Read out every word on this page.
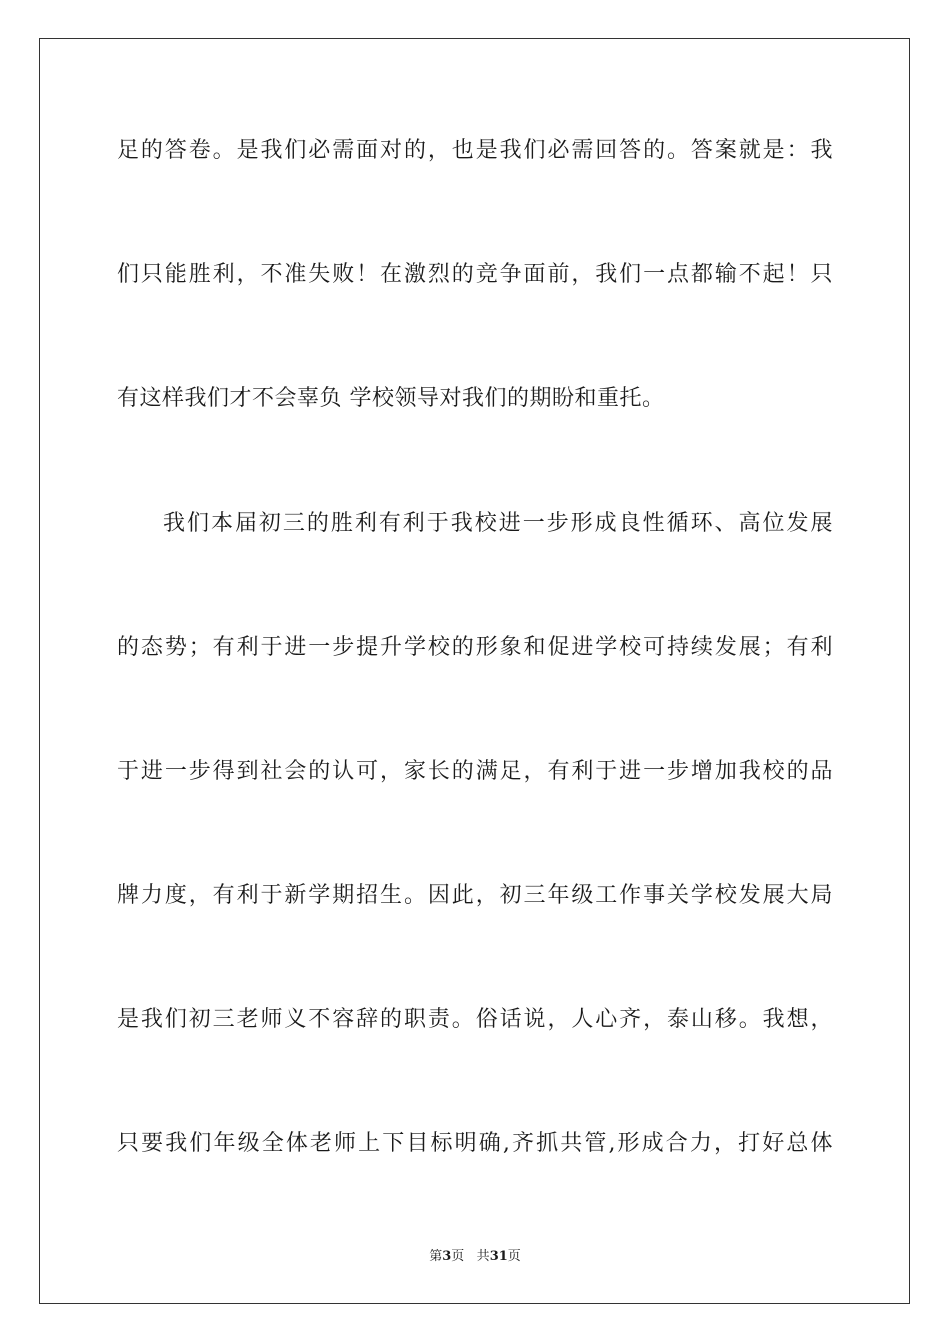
足的答卷。是我们必需面对的，也是我们必需回答的。答案就是：我
们只能胜利，不准失败！在激烈的竞争面前，我们一点都输不起！只
有这样我们才不会辜负 学校领导对我们的期盼和重托。
我们本届初三的胜利有利于我校进一步形成良性循环、高位发展
的态势；有利于进一步提升学校的形象和促进学校可持续发展；有利
于进一步得到社会的认可，家长的满足，有利于进一步增加我校的品
牌力度，有利于新学期招生。因此，初三年级工作事关学校发展大局
是我们初三老师义不容辞的职责。俗话说，人心齐，泰山移。我想，
只要我们年级全体老师上下目标明确,齐抓共管,形成合力，打好总体
第3页 共31页
